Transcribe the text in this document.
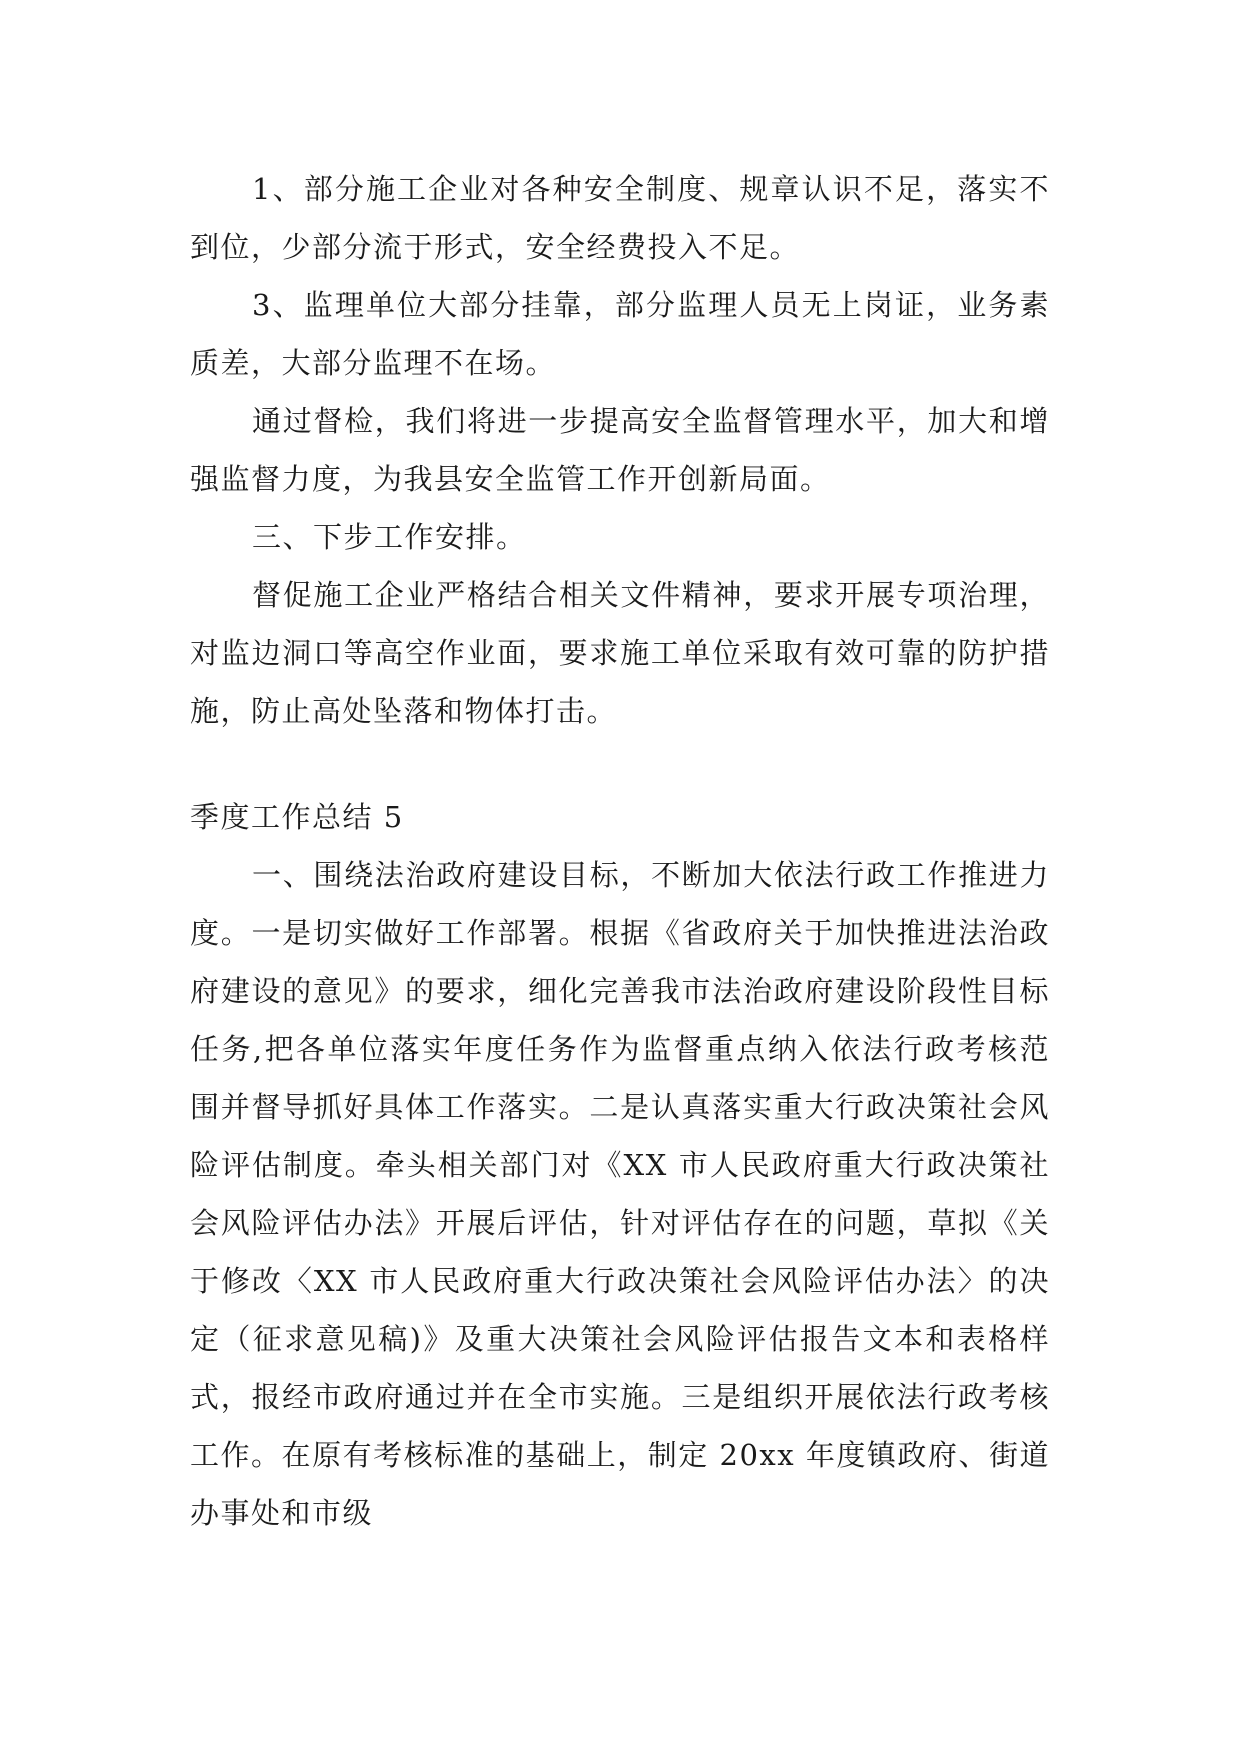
1、部分施工企业对各种安全制度、规章认识不足，落实不到位，少部分流于形式，安全经费投入不足。

3、监理单位大部分挂靠，部分监理人员无上岗证，业务素质差，大部分监理不在场。

通过督检，我们将进一步提高安全监督管理水平，加大和增强监督力度，为我县安全监管工作开创新局面。

三、下步工作安排。

督促施工企业严格结合相关文件精神，要求开展专项治理，对监边洞口等高空作业面，要求施工单位采取有效可靠的防护措施，防止高处坠落和物体打击。

季度工作总结 5

一、围绕法治政府建设目标，不断加大依法行政工作推进力度。一是切实做好工作部署。根据《省政府关于加快推进法治政府建设的意见》的要求，细化完善我市法治政府建设阶段性目标任务,把各单位落实年度任务作为监督重点纳入依法行政考核范围并督导抓好具体工作落实。二是认真落实重大行政决策社会风险评估制度。牵头相关部门对《XX 市人民政府重大行政决策社会风险评估办法》开展后评估，针对评估存在的问题，草拟《关于修改〈XX 市人民政府重大行政决策社会风险评估办法〉的决定（征求意见稿)》及重大决策社会风险评估报告文本和表格样式，报经市政府通过并在全市实施。三是组织开展依法行政考核工作。在原有考核标准的基础上，制定 20xx 年度镇政府、街道办事处和市级
